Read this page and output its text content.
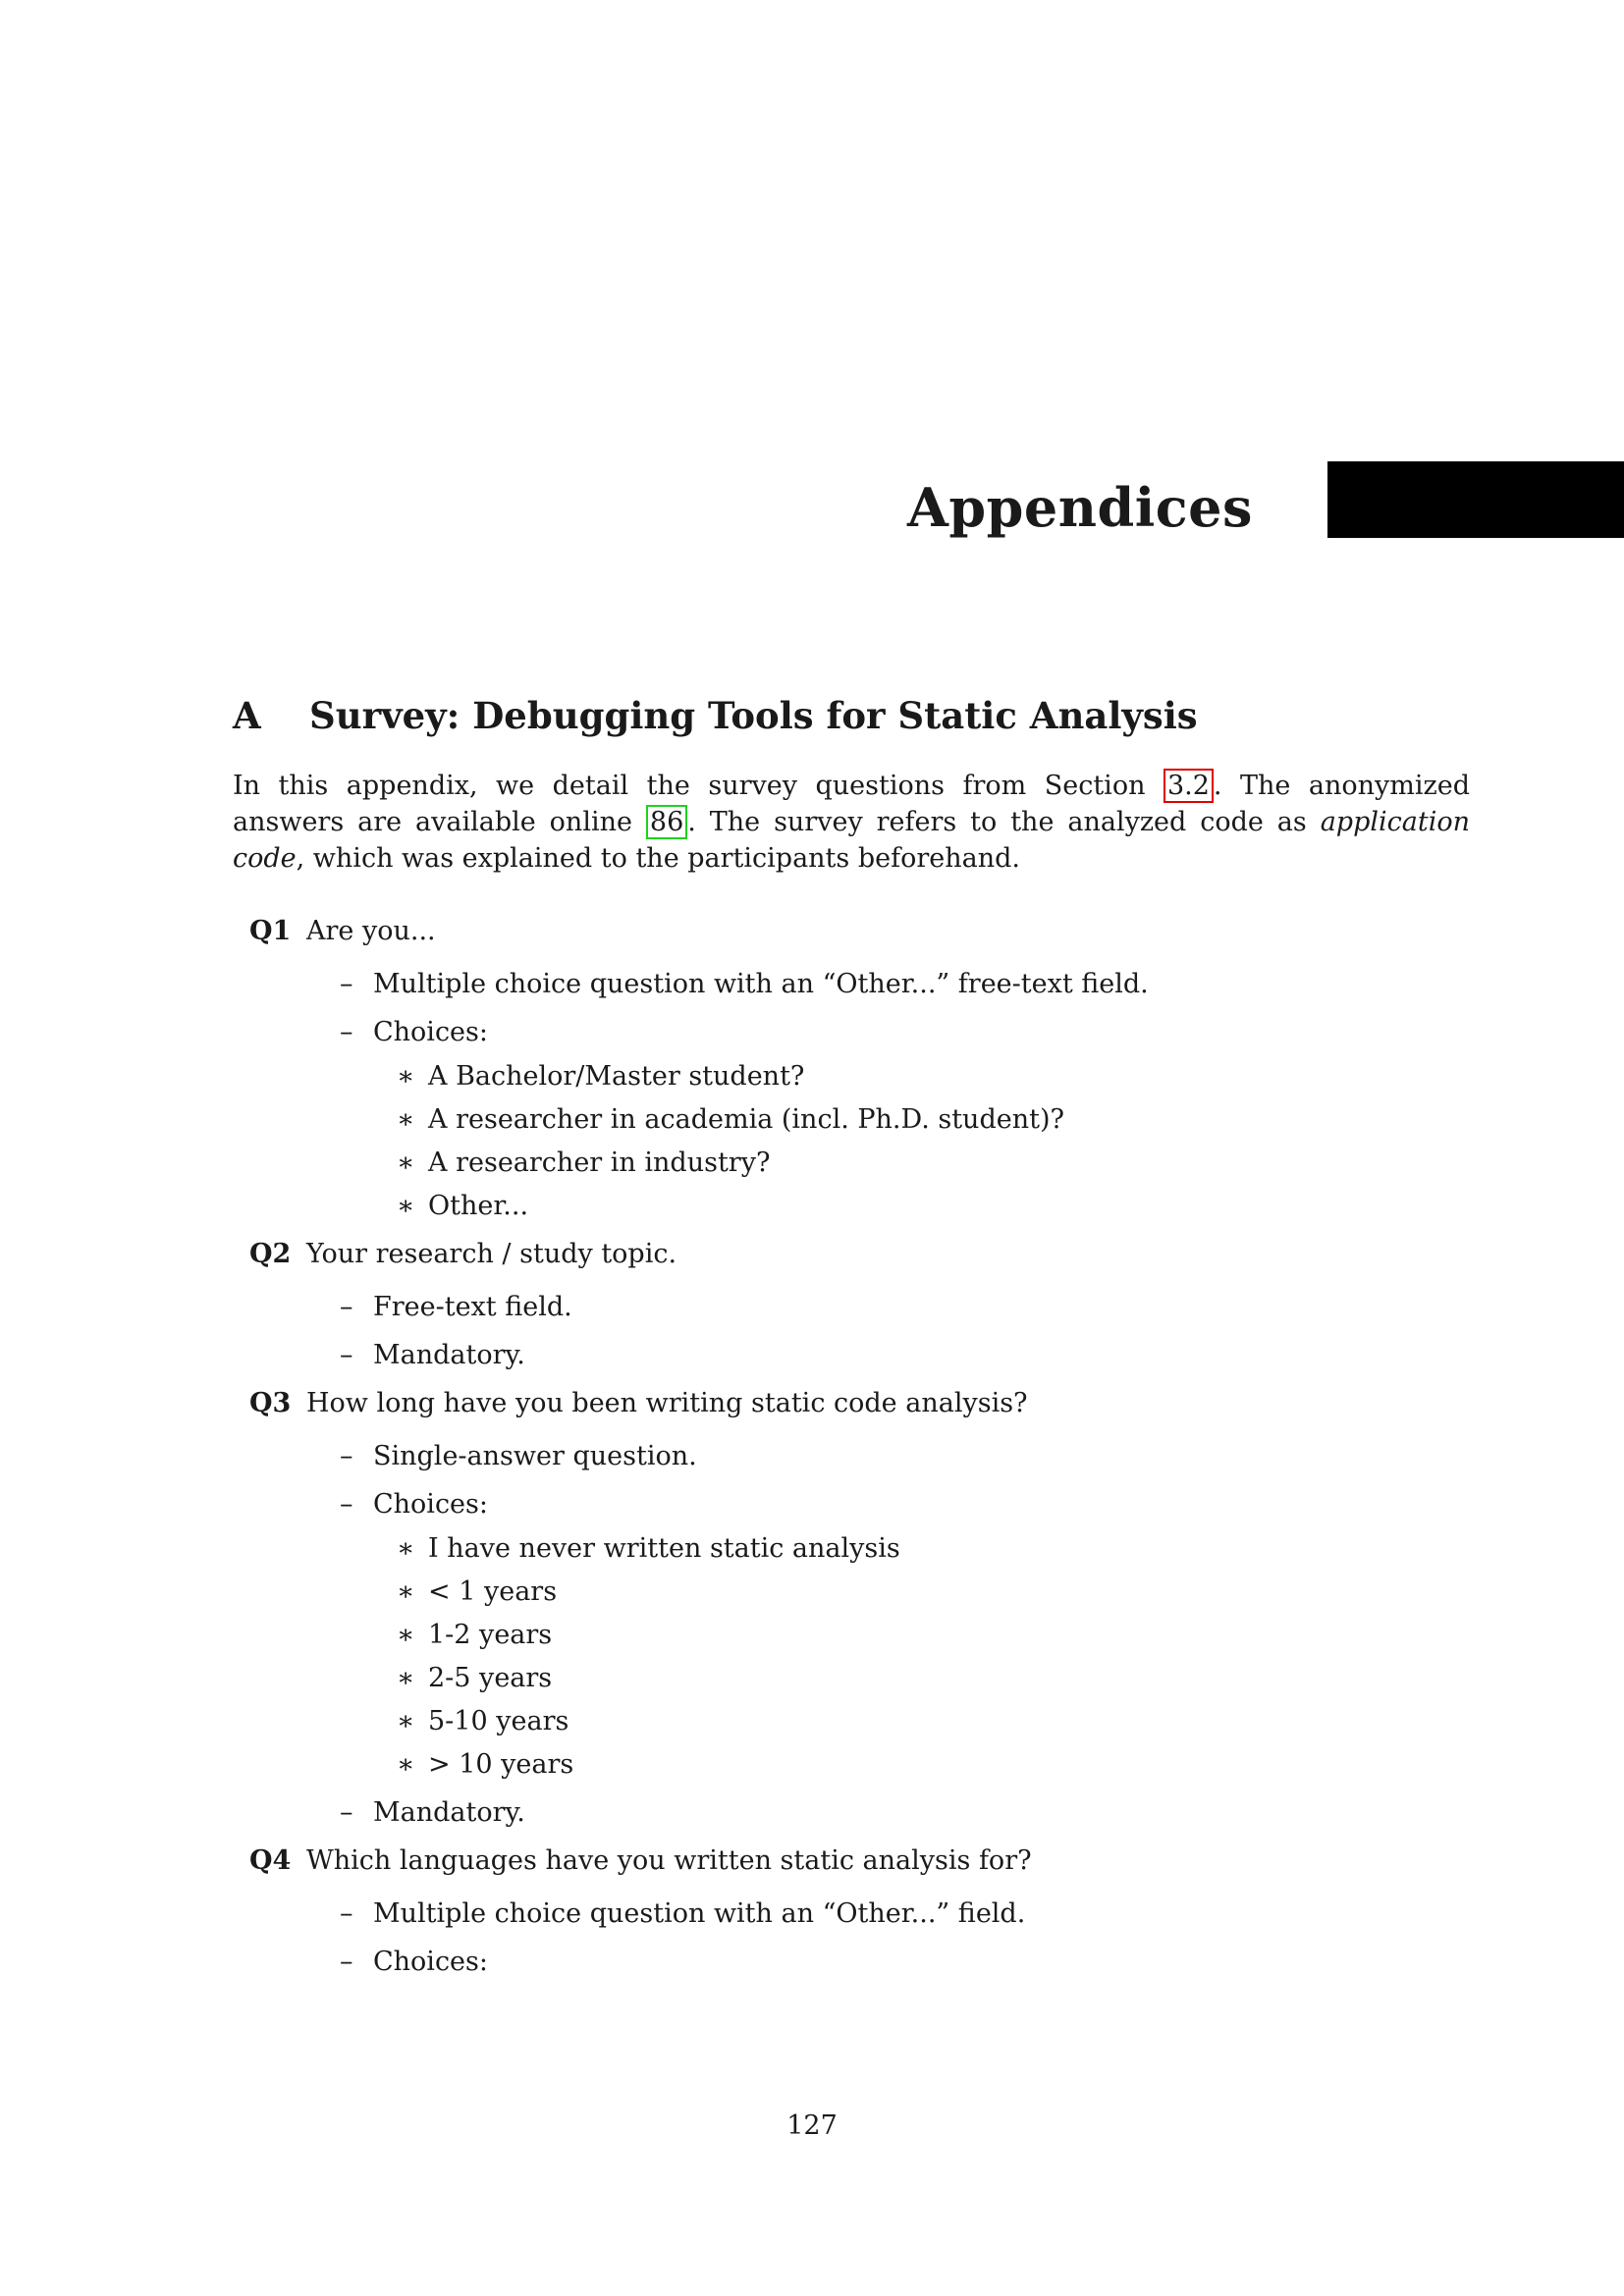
Appendices
A Survey: Debugging Tools for Static Analysis

In this appendix, we detail the survey questions from Section 3.2 . The anonymized answers are available online 86 . The survey refers to the analyzed code as application code, which was explained to the participants beforehand.

Q1 Are you...
– Multiple choice question with an “Other...” free-text field.
– Choices:
∗ A Bachelor/Master student?
∗ A researcher in academia (incl. Ph.D. student)?
∗ A researcher in industry?
∗ Other...
Q2 Your research / study topic.
– Free-text field.
– Mandatory.
Q3 How long have you been writing static code analysis?
– Single-answer question.
– Choices:
∗ I have never written static analysis
∗ < 1 years
∗ 1-2 years
∗ 2-5 years
∗ 5-10 years
∗ > 10 years
– Mandatory.
Q4 Which languages have you written static analysis for?
– Multiple choice question with an “Other...” field.
– Choices:
127
